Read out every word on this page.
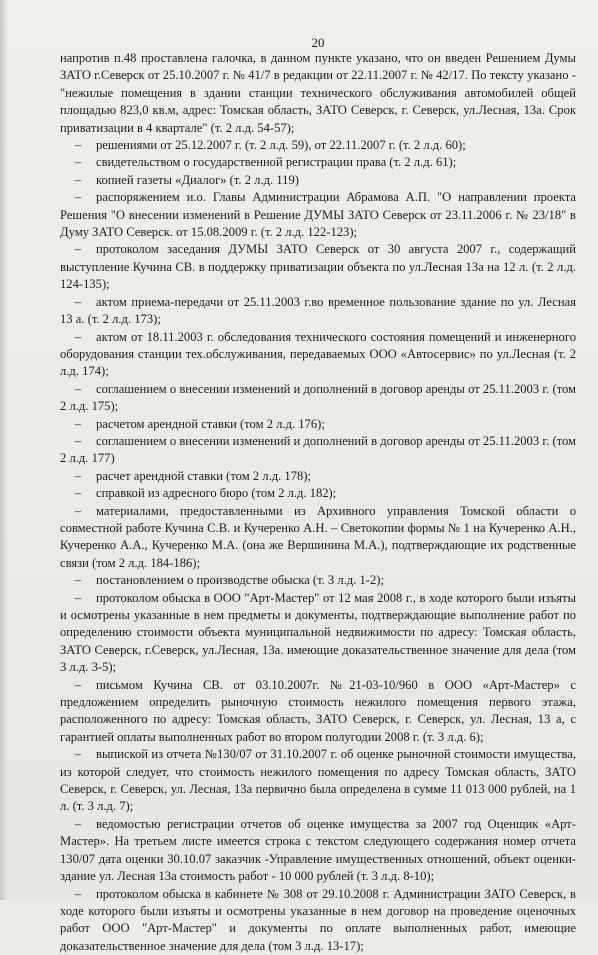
20

напротив п.48 проставлена галочка, в данном пункте указано, что он введен Решением Думы ЗАТО г.Северск от 25.10.2007 г. № 41/7 в редакции от 22.11.2007 г. № 42/17. По тексту указано - "нежилые помещения в здании станции технического обслуживания автомобилей общей площадью 823,0 кв.м, адрес: Томская область, ЗАТО Северск, г. Северск, ул.Лесная, 13а. Срок приватизации в 4 квартале" (т. 2 л.д. 54-57);

– решениями от 25.12.2007 г. (т. 2 л.д. 59), от 22.11.2007 г. (т. 2 л.д. 60);

– свидетельством о государственной регистрации права (т. 2 л.д. 61);

– копией газеты «Диалог» (т. 2 л.д. 119)

– распоряжением и.о. Главы Администрации Абрамова А.П. "О направлении проекта Решения "О внесении изменений в Решение ДУМЫ ЗАТО Северск от 23.11.2006 г. № 23/18" в Думу ЗАТО Северск. от 15.08.2009 г. (т. 2 л.д. 122-123);

– протоколом заседания ДУМЫ ЗАТО Северск от 30 августа 2007 г., содержащий выступление Кучина СВ. в поддержку приватизации объекта по ул.Лесная 13а на 12 л. (т. 2 л.д. 124-135);

– актом приема-передачи от 25.11.2003 г.во временное пользование здание по ул. Лесная 13 а. (т. 2 л.д. 173);

– актом от 18.11.2003 г. обследования технического состояния помещений и инженерного оборудования станции тех.обслуживания, передаваемых ООО «Автосервис» по ул.Лесная (т. 2 л.д. 174);

– соглашением о внесении изменений и дополнений в договор аренды от 25.11.2003 г. (том 2 л.д. 175);

– расчетом арендной ставки (том 2 л.д. 176);

– соглашением о внесении изменений и дополнений в договор аренды от 25.11.2003 г. (том 2 л.д. 177)

– расчет арендной ставки (том 2 л.д. 178);

– справкой из адресного бюро (том 2 л.д. 182);

– материалами, предоставленными из Архивного управления Томской области о совместной работе Кучина С.В. и Кучеренко А.Н. – Светокопии формы № 1 на Кучеренко А.Н., Кучеренко А.А., Кучеренко М.А. (она же Вершинина М.А.), подтверждающие их родственные связи (том 2 л.д. 184-186);

– постановлением о производстве обыска (т. 3 л.д. 1-2);

– протоколом обыска в ООО "Арт-Мастер" от 12 мая 2008 г., в ходе которого были изъяты и осмотрены указанные в нем предметы и документы, подтверждающие выполнение работ по определению стоимости объекта муниципальной недвижимости по адресу: Томская область, ЗАТО Северск, г.Северск, ул.Лесная, 13а. имеющие доказательственное значение для дела (том 3 л.д. 3-5);

– письмом Кучина СВ. от 03.10.2007г. №21-03-10/960 в ООО «Арт-Мастер» с предложением определить рыночную стоимость нежилого помещения первого этажа, расположенного по адресу: Томская область, ЗАТО Северск, г. Северск, ул. Лесная, 13 а, с гарантией оплаты выполненных работ во втором полугодии 2008 г. (т. 3 л.д. 6);

– выпиской из отчета №130/07 от 31.10.2007 г. об оценке рыночной стоимости имущества, из которой следует, что стоимость нежилого помещения по адресу Томская область, ЗАТО Северск, г. Северск, ул. Лесная, 13а первично была определена в сумме 11 013 000 рублей, на 1 л. (т. 3 л.д. 7);

– ведомостью регистрации отчетов об оценке имущества за 2007 год Оценщик «Арт-Мастер». На третьем листе имеется строка с текстом следующего содержания номер отчета 130/07 дата оценки 30.10.07 заказчик -Управление имущественных отношений, объект оценки- здание ул. Лесная 13а стоимость работ - 10 000 рублей (т. 3 л.д. 8-10);

– протоколом обыска в кабинете № 308 от 29.10.2008 г. Администрации ЗАТО Северск, в ходе которого были изъяты и осмотрены указанные в нем договор на проведение оценочных работ ООО "Арт-Мастер" и документы по оплате выполненных работ, имеющие доказательственное значение для дела (том 3 л.д. 13-17);
